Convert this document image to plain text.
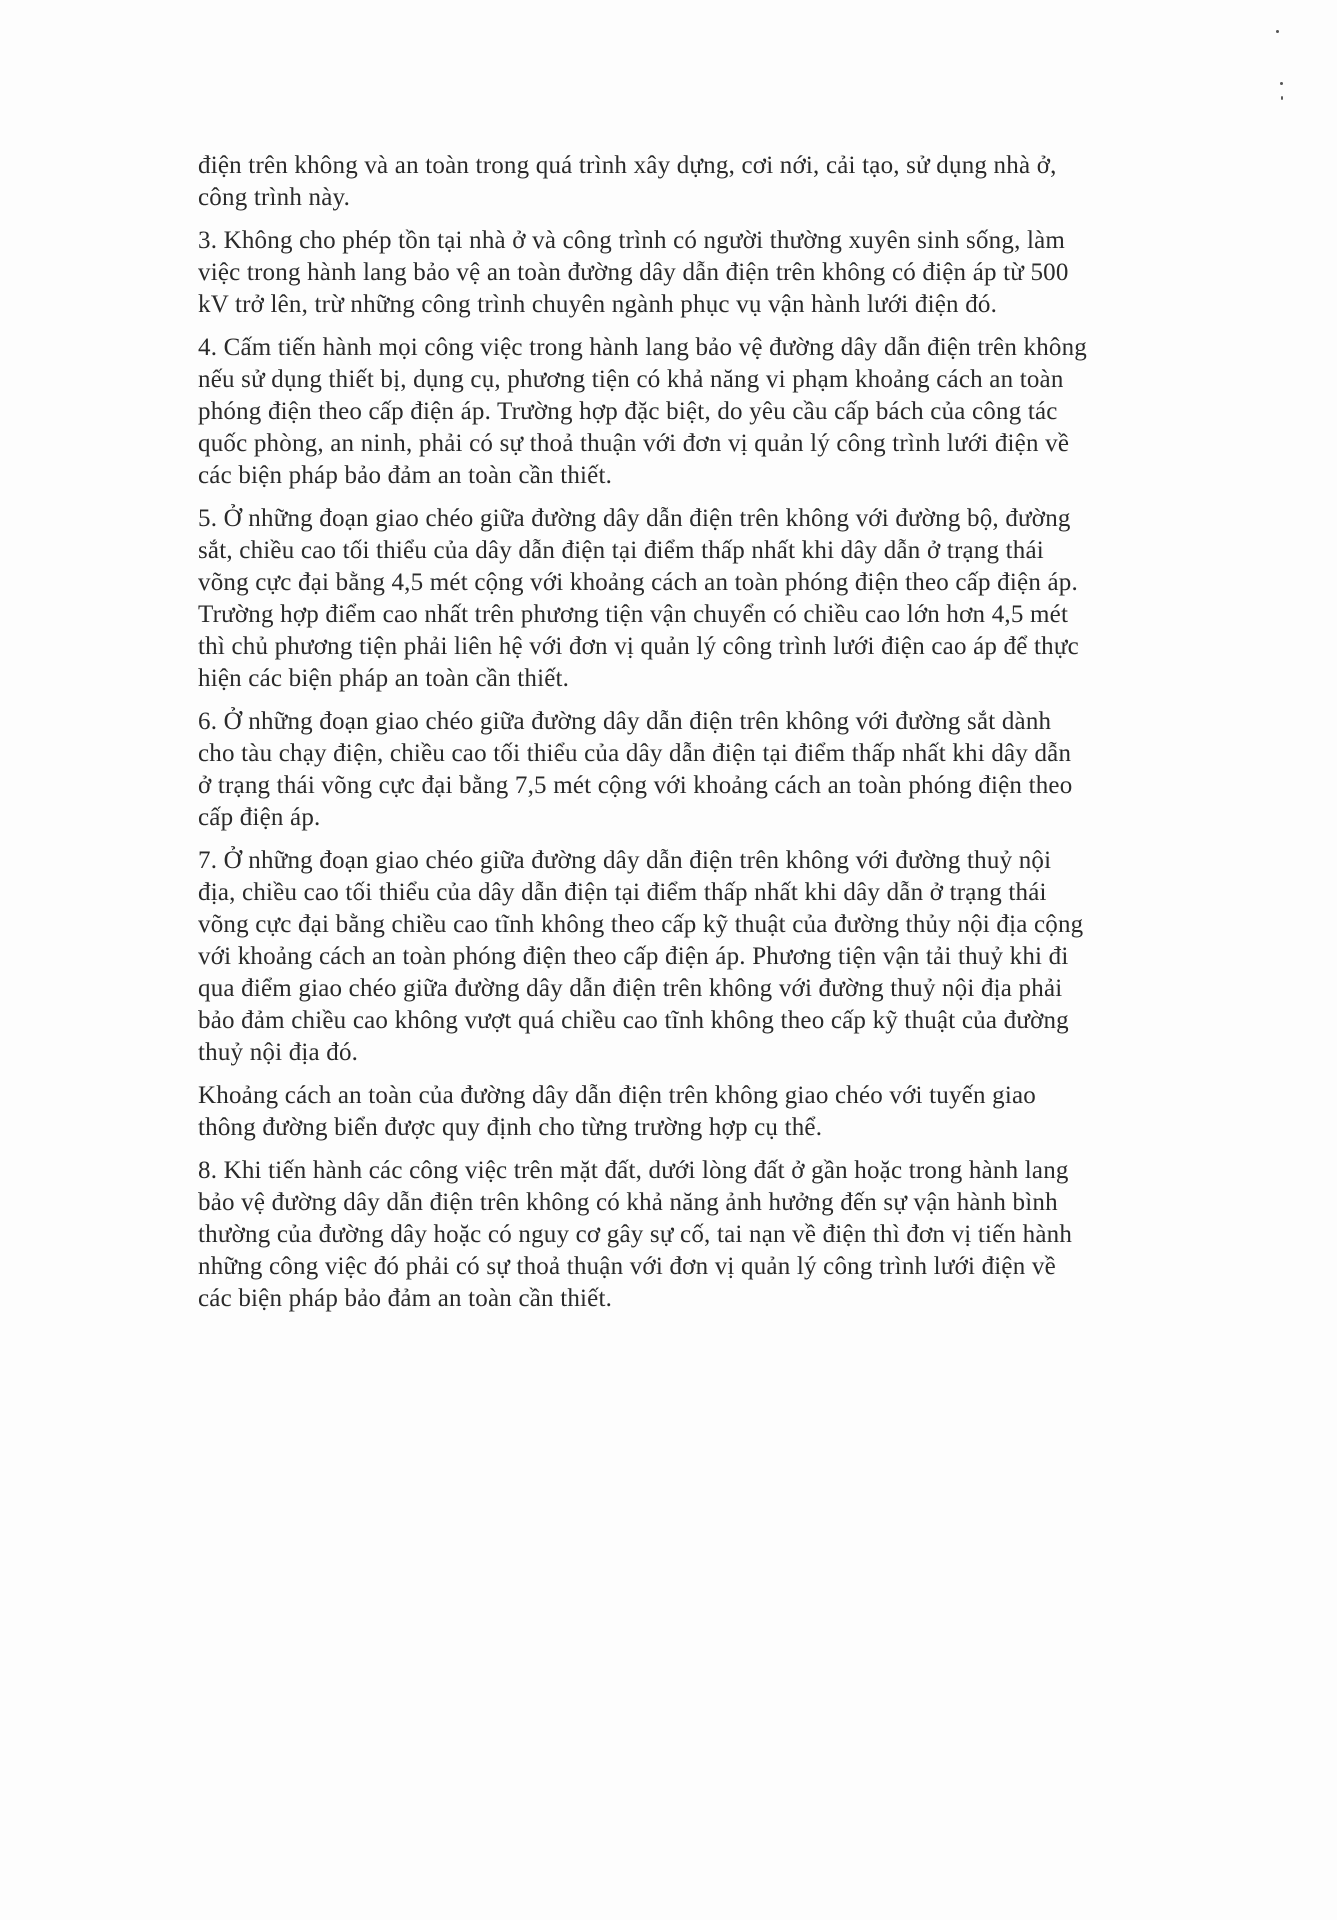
điện trên không và an toàn trong quá trình xây dựng, cơi nới, cải tạo, sử dụng nhà ở,
công trình này.
3. Không cho phép tồn tại nhà ở và công trình có người thường xuyên sinh sống, làm
việc trong hành lang bảo vệ an toàn đường dây dẫn điện trên không có điện áp từ 500
kV trở lên, trừ những công trình chuyên ngành phục vụ vận hành lưới điện đó.
4. Cấm tiến hành mọi công việc trong hành lang bảo vệ đường dây dẫn điện trên không
nếu sử dụng thiết bị, dụng cụ, phương tiện có khả năng vi phạm khoảng cách an toàn
phóng điện theo cấp điện áp. Trường hợp đặc biệt, do yêu cầu cấp bách của công tác
quốc phòng, an ninh, phải có sự thoả thuận với đơn vị quản lý công trình lưới điện về
các biện pháp bảo đảm an toàn cần thiết.
5. Ở những đoạn giao chéo giữa đường dây dẫn điện trên không với đường bộ, đường
sắt, chiều cao tối thiểu của dây dẫn điện tại điểm thấp nhất khi dây dẫn ở trạng thái
võng cực đại bằng 4,5 mét cộng với khoảng cách an toàn phóng điện theo cấp điện áp.
Trường hợp điểm cao nhất trên phương tiện vận chuyển có chiều cao lớn hơn 4,5 mét
thì chủ phương tiện phải liên hệ với đơn vị quản lý công trình lưới điện cao áp để thực
hiện các biện pháp an toàn cần thiết.
6. Ở những đoạn giao chéo giữa đường dây dẫn điện trên không với đường sắt dành
cho tàu chạy điện, chiều cao tối thiểu của dây dẫn điện tại điểm thấp nhất khi dây dẫn
ở trạng thái võng cực đại bằng 7,5 mét cộng với khoảng cách an toàn phóng điện theo
cấp điện áp.
7. Ở những đoạn giao chéo giữa đường dây dẫn điện trên không với đường thuỷ nội
địa, chiều cao tối thiểu của dây dẫn điện tại điểm thấp nhất khi dây dẫn ở trạng thái
võng cực đại bằng chiều cao tĩnh không theo cấp kỹ thuật của đường thủy nội địa cộng
với khoảng cách an toàn phóng điện theo cấp điện áp. Phương tiện vận tải thuỷ khi đi
qua điểm giao chéo giữa đường dây dẫn điện trên không với đường thuỷ nội địa phải
bảo đảm chiều cao không vượt quá chiều cao tĩnh không theo cấp kỹ thuật của đường
thuỷ nội địa đó.
Khoảng cách an toàn của đường dây dẫn điện trên không giao chéo với tuyến giao
thông đường biển được quy định cho từng trường hợp cụ thể.
8. Khi tiến hành các công việc trên mặt đất, dưới lòng đất ở gần hoặc trong hành lang
bảo vệ đường dây dẫn điện trên không có khả năng ảnh hưởng đến sự vận hành bình
thường của đường dây hoặc có nguy cơ gây sự cố, tai nạn về điện thì đơn vị tiến hành
những công việc đó phải có sự thoả thuận với đơn vị quản lý công trình lưới điện về
các biện pháp bảo đảm an toàn cần thiết.
